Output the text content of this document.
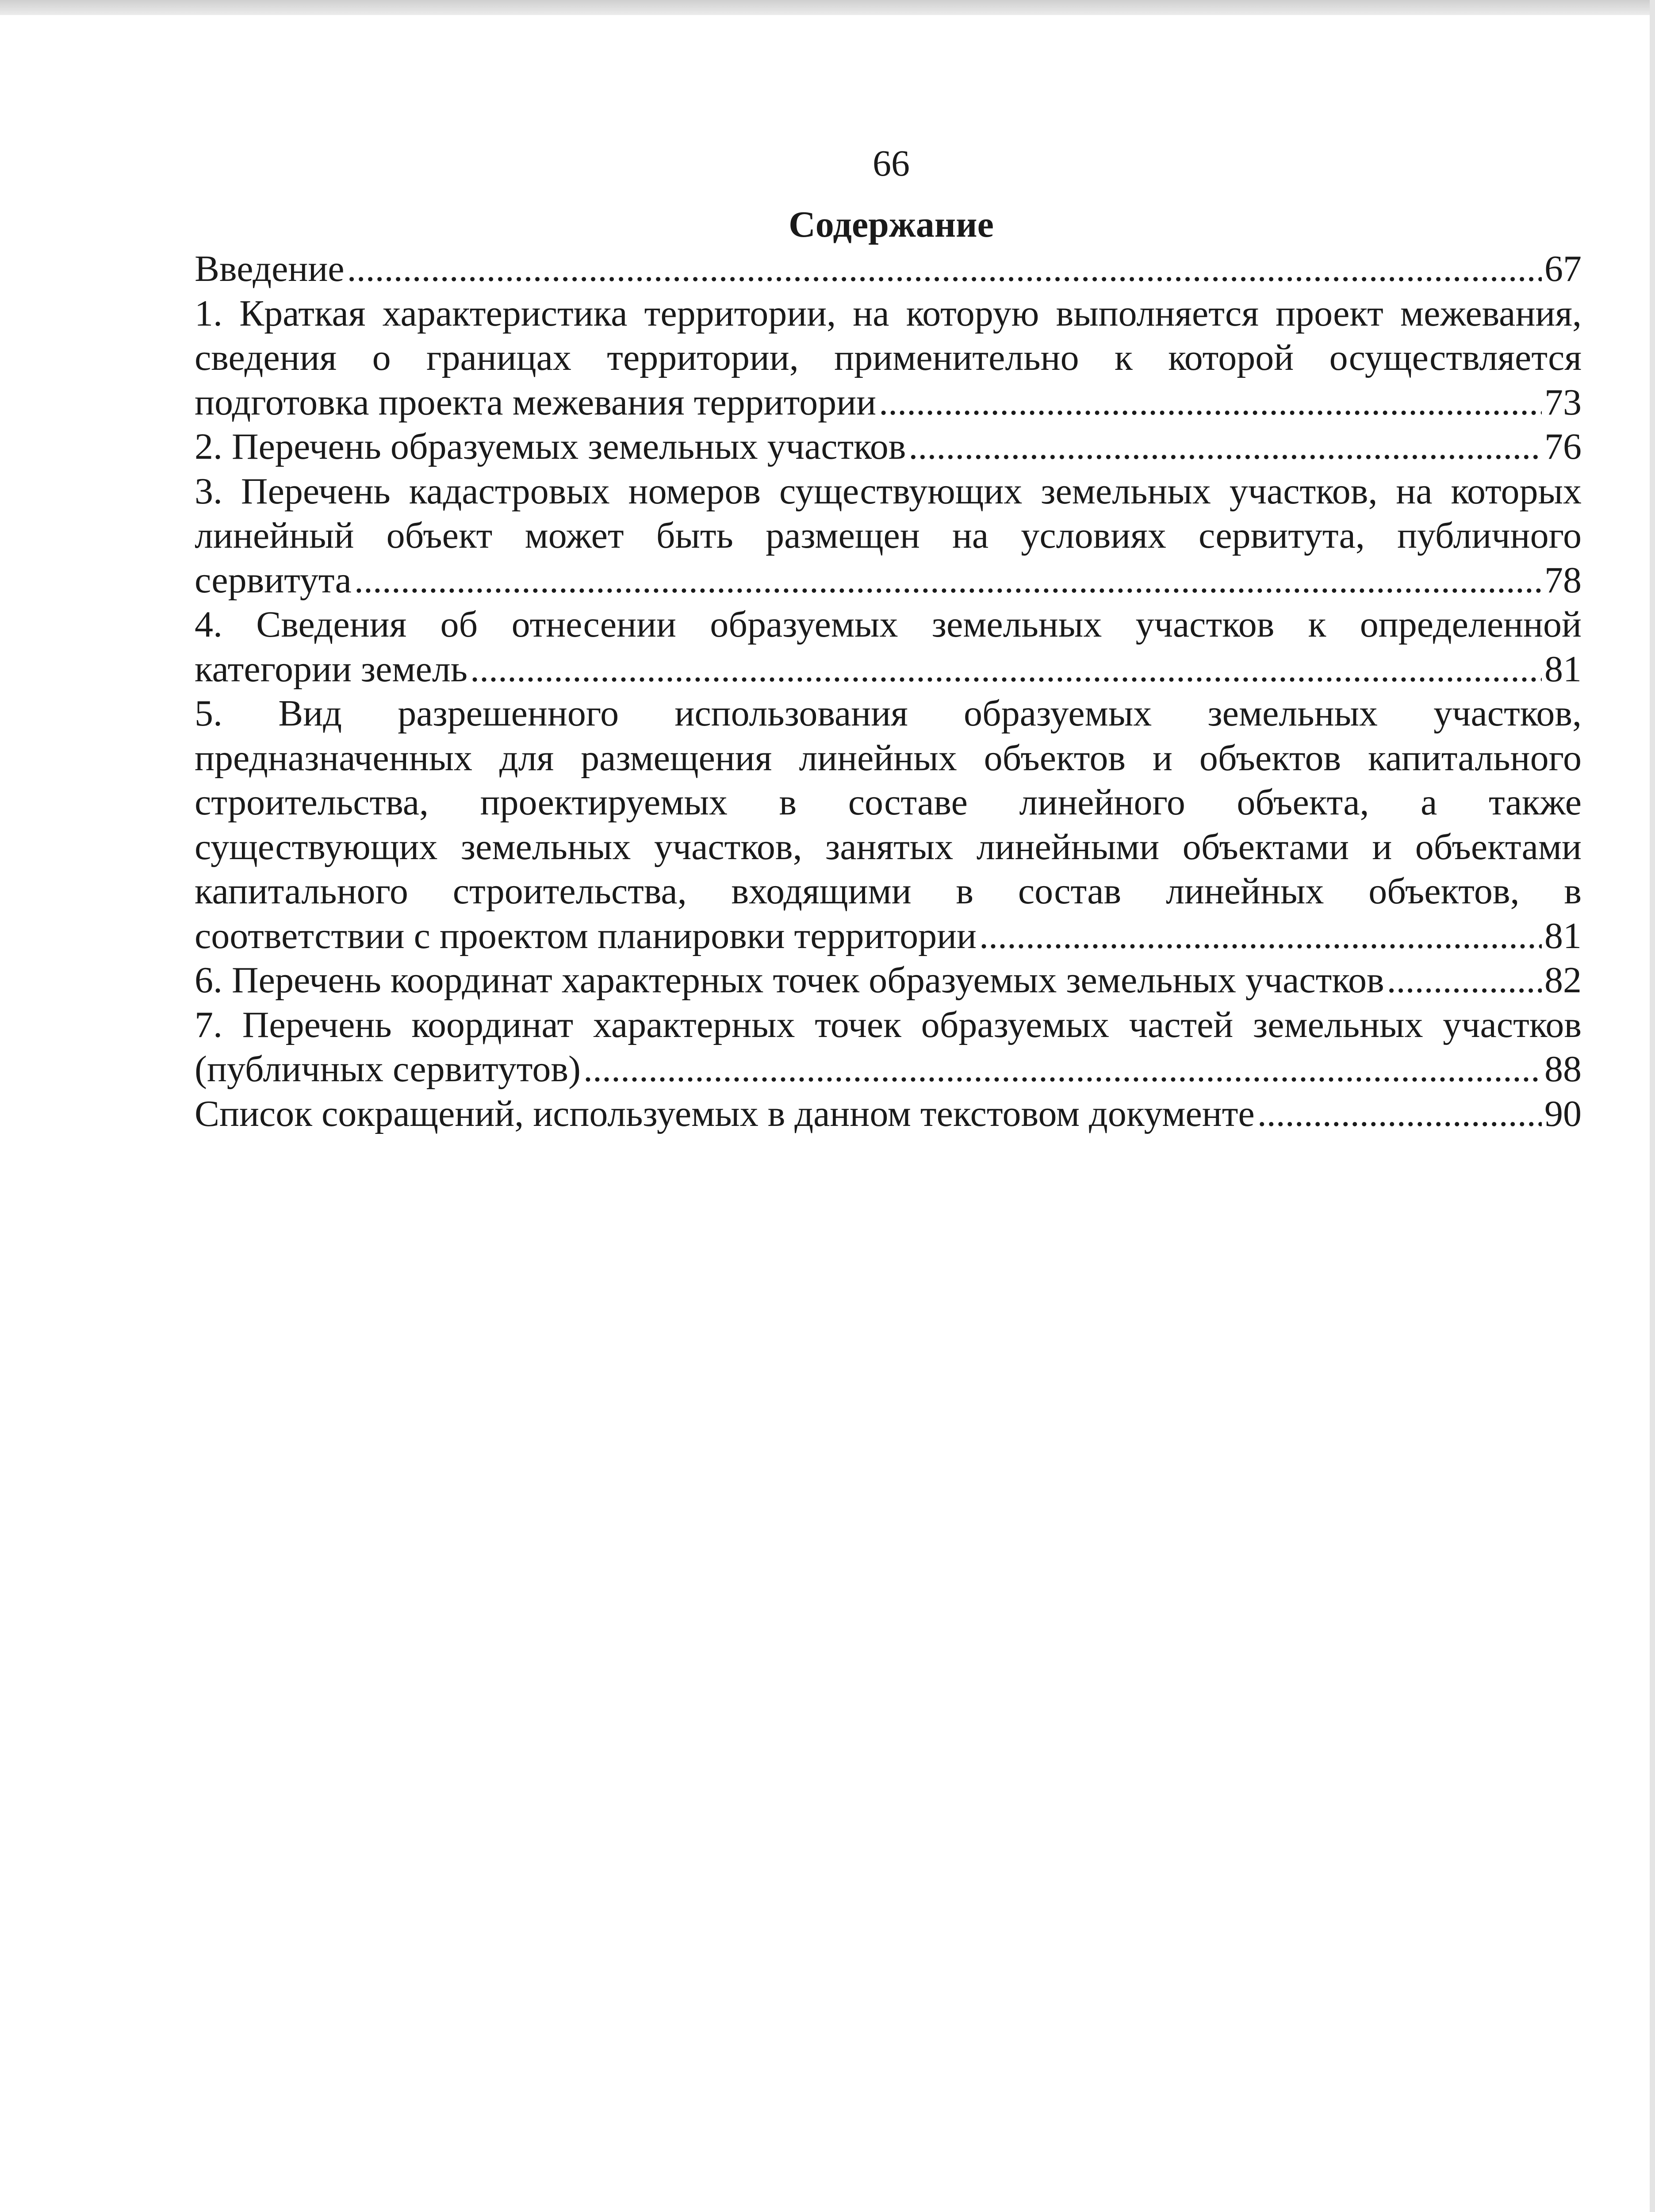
66
Содержание
Введение .....	67
1. Краткая характеристика территории, на которую выполняется проект межевания,
сведения о границах территории, применительно к которой осуществляется
подготовка проекта межевания территории .....	73
2. Перечень образуемых земельных участков .....	76
3. Перечень кадастровых номеров существующих земельных участков, на которых
линейный объект может быть размещен на условиях сервитута, публичного
сервитута .....	78
4. Сведения об отнесении образуемых земельных участков к определенной
категории земель .....	81
5. Вид разрешенного использования образуемых земельных участков,
предназначенных для размещения линейных объектов и объектов капитального
строительства, проектируемых в составе линейного объекта, а также
существующих земельных участков, занятых линейными объектами и объектами
капитального строительства, входящими в состав линейных объектов, в
соответствии с проектом планировки территории .....	81
6. Перечень координат характерных точек образуемых земельных участков .....	82
7. Перечень координат характерных точек образуемых частей земельных участков
(публичных сервитутов) .....	88
Список сокращений, используемых в данном текстовом документе .....	90
